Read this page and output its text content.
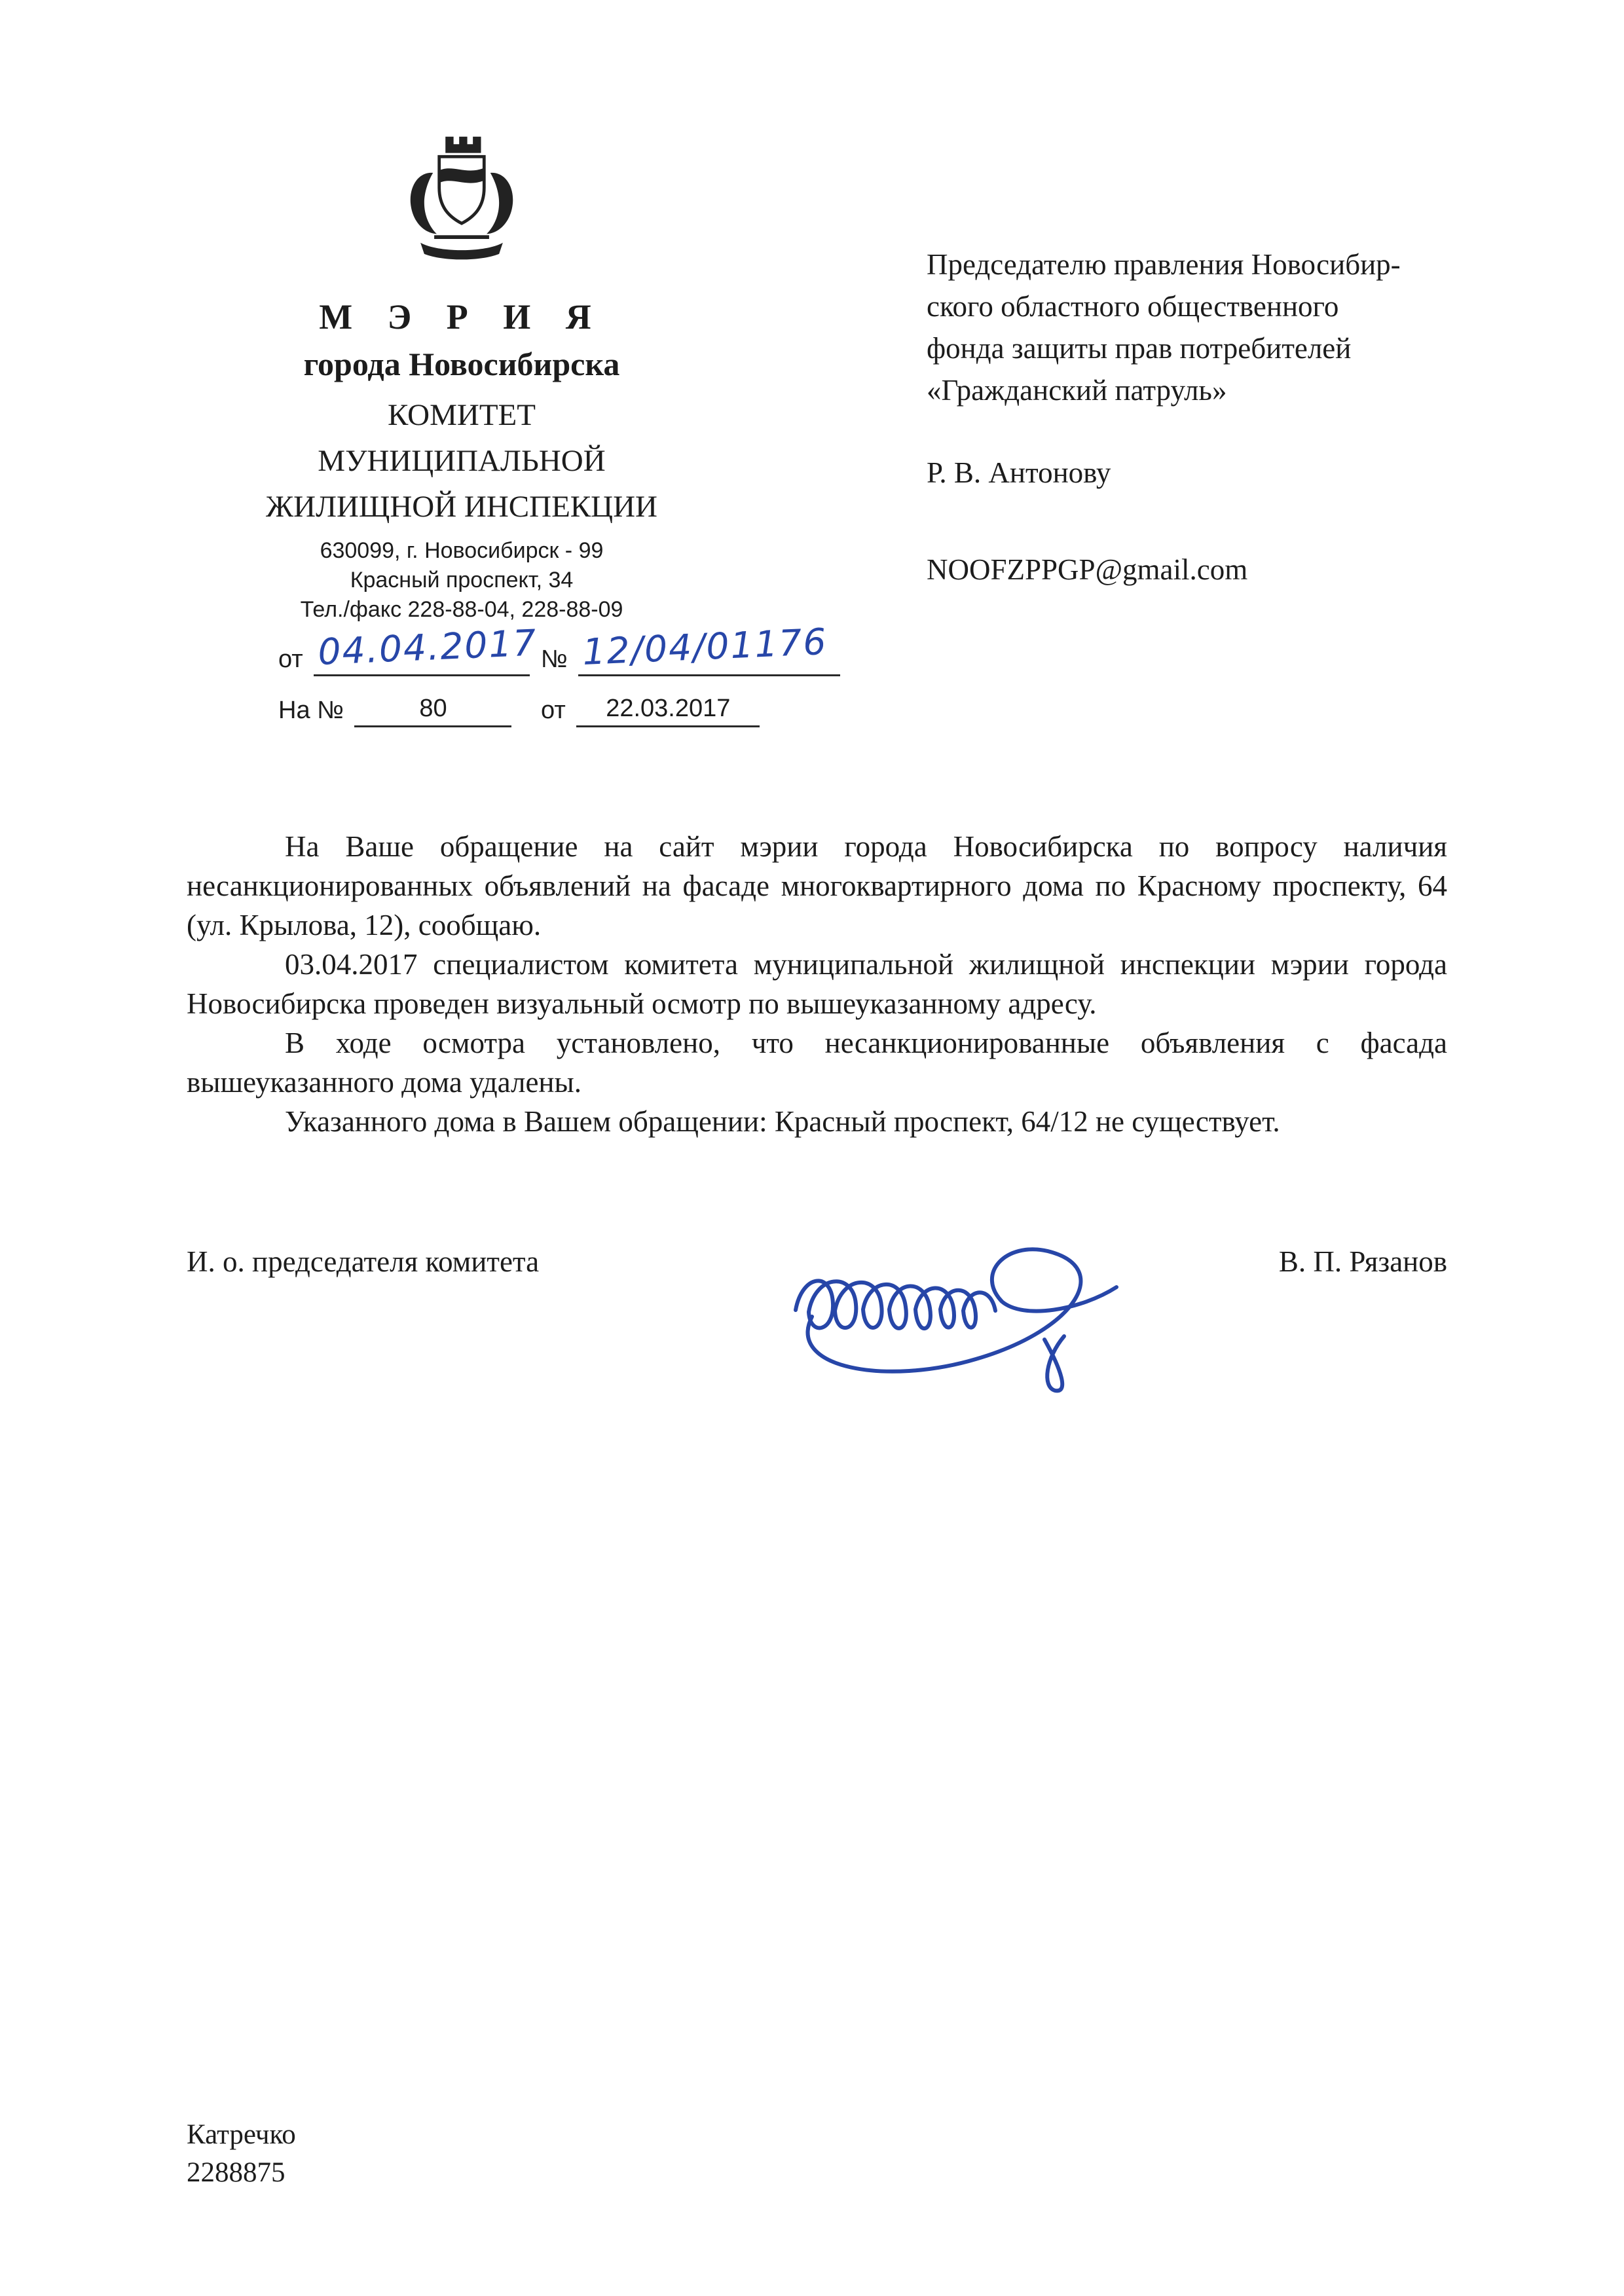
М Э Р И Я
города Новосибирска
КОМИТЕТ
МУНИЦИПАЛЬНОЙ
ЖИЛИЩНОЙ ИНСПЕКЦИИ
630099, г. Новосибирск - 99
Красный проспект, 34
Тел./факс 228-88-04, 228-88-09
от 04.04.2017 № 12/04/01176
На №	80	от	22.03.2017
Председателю правления Новосибир-
ского областного общественного
фонда защиты прав потребителей
«Гражданский патруль»
Р. В. Антонову
NOOFZPPGP@gmail.com

На Ваше обращение на сайт мэрии города Новосибирска по вопросу наличия несанкционированных объявлений на фасаде многоквартирного дома по Красному проспекту, 64 (ул. Крылова, 12), сообщаю.

03.04.2017 специалистом комитета муниципальной жилищной инспекции мэрии города Новосибирска проведен визуальный осмотр по вышеуказанному адресу.

В ходе осмотра установлено, что несанкционированные объявления с фасада вышеуказанного дома удалены.

Указанного дома в Вашем обращении: Красный проспект, 64/12 не существует.

И. о. председателя комитета	В. П. Рязанов
Катречко
2288875
